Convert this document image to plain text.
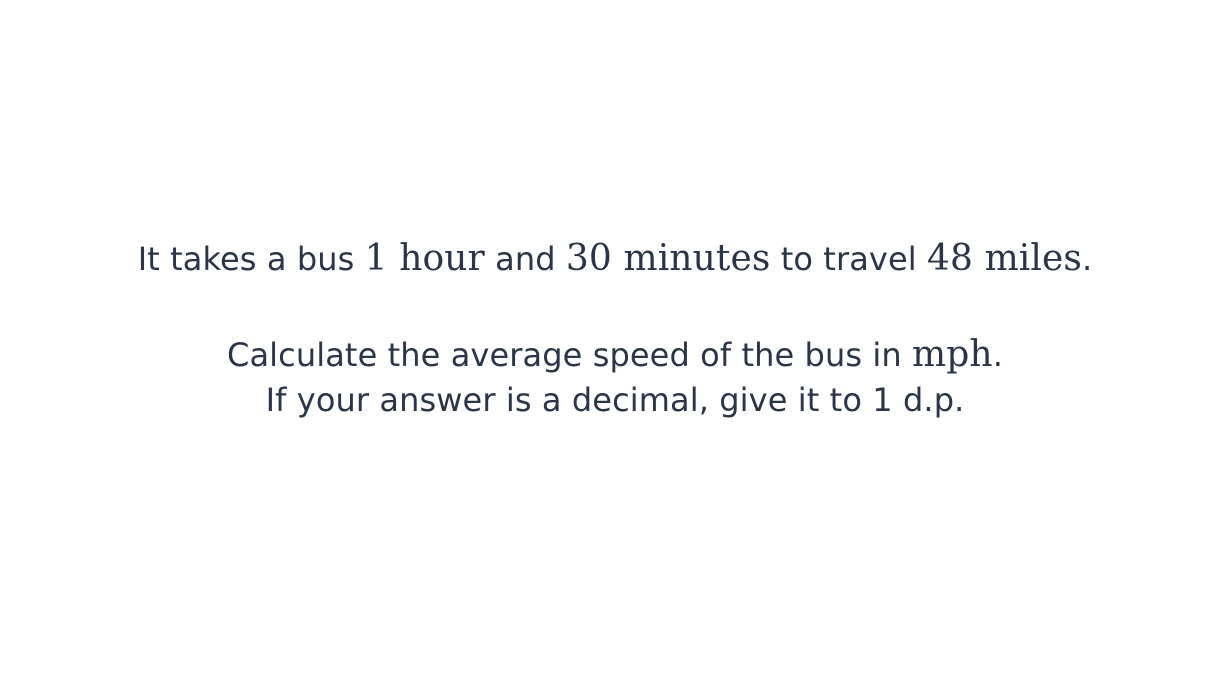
It takes a bus 1 hour and 30 minutes to travel 48 miles.
Calculate the average speed of the bus in mph.
If your answer is a decimal, give it to 1 d.p.
